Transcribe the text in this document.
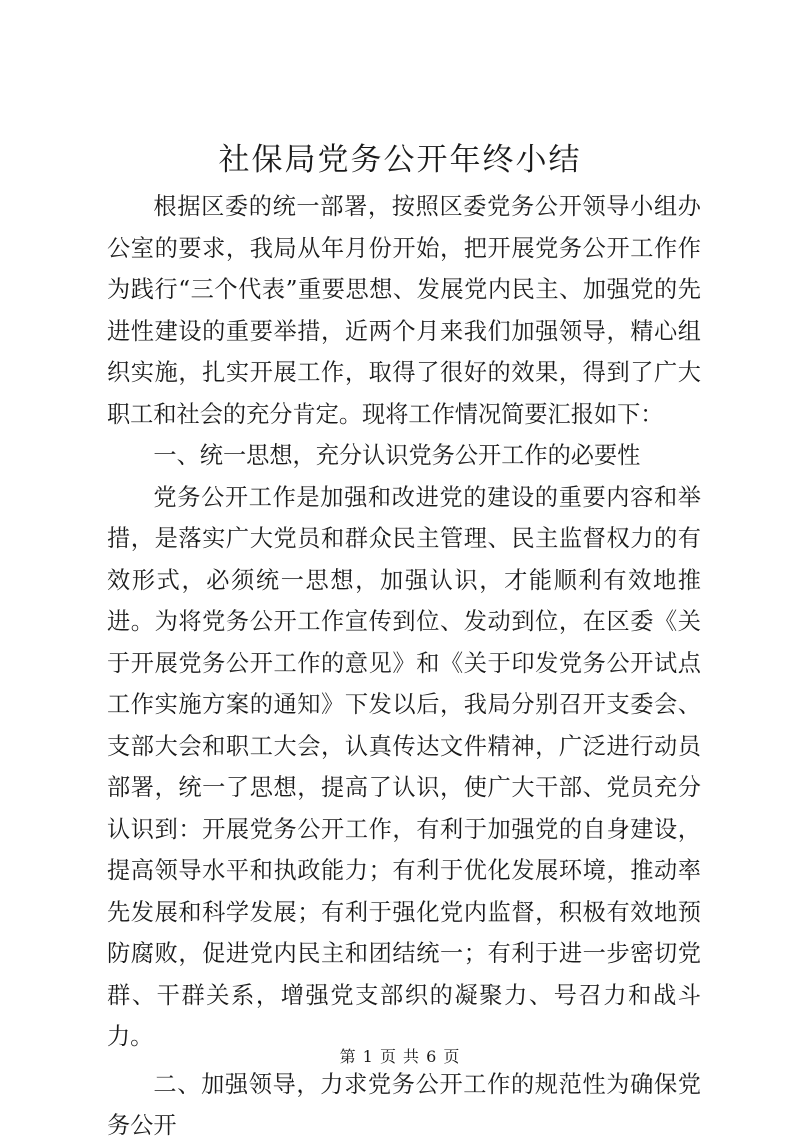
社保局党务公开年终小结

根据区委的统一部署，按照区委党务公开领导小组办公室的要求，我局从年月份开始，把开展党务公开工作作为践行“三个代表”重要思想、发展党内民主、加强党的先进性建设的重要举措，近两个月来我们加强领导，精心组织实施，扎实开展工作，取得了很好的效果，得到了广大职工和社会的充分肯定。现将工作情况简要汇报如下：

一、统一思想，充分认识党务公开工作的必要性

党务公开工作是加强和改进党的建设的重要内容和举措，是落实广大党员和群众民主管理、民主监督权力的有效形式，必须统一思想，加强认识，才能顺利有效地推进。为将党务公开工作宣传到位、发动到位，在区委《关于开展党务公开工作的意见》和《关于印发党务公开试点工作实施方案的通知》下发以后，我局分别召开支委会、支部大会和职工大会，认真传达文件精神，广泛进行动员部署，统一了思想，提高了认识，使广大干部、党员充分认识到：开展党务公开工作，有利于加强党的自身建设，提高领导水平和执政能力；有利于优化发展环境，推动率先发展和科学发展；有利于强化党内监督，积极有效地预防腐败，促进党内民主和团结统一；有利于进一步密切党群、干群关系，增强党支部织的凝聚力、号召力和战斗力。

二、加强领导，力求党务公开工作的规范性为确保党务公开

第 1 页 共 6 页
